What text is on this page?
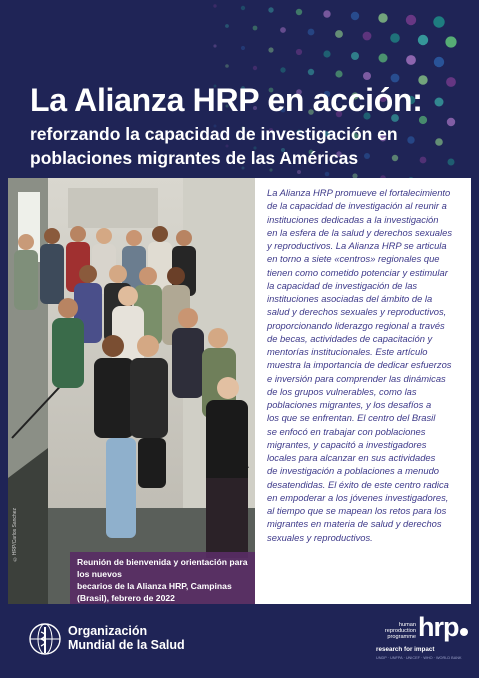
La Alianza HRP en acción:
reforzando la capacidad de investigación en
poblaciones migrantes de las Américas
©HRP/Carlos Sanchez
Reunión de bienvenida y orientación para los nuevos
becarios de la Alianza HRP, Campinas (Brasil), febrero de 2022

La Alianza HRP promueve el fortalecimiento
de la capacidad de investigación al reunir a
instituciones dedicadas a la investigación
en la esfera de la salud y derechos sexuales
y reproductivos. La Alianza HRP se articula
en torno a siete «centros» regionales que
tienen como cometido potenciar y estimular
la capacidad de investigación de las
instituciones asociadas del ámbito de la
salud y derechos sexuales y reproductivos,
proporcionando liderazgo regional a través
de becas, actividades de capacitación y
mentorías institucionales. Este artículo
muestra la importancia de dedicar esfuerzos
e inversión para comprender las dinámicas
de los grupos vulnerables, como las
poblaciones migrantes, y los desafíos a
los que se enfrentan. El centro del Brasil
se enfocó en trabajar con poblaciones
migrantes, y capacitó a investigadores
locales para alcanzar en sus actividades
de investigación a poblaciones a menudo
desatendidas. El éxito de este centro radica
en empoderar a los jóvenes investigadores,
al tiempo que se mapean los retos para los
migrantes en materia de salud y derechos
sexuales y reproductivos.

Organización
Mundial de la Salud
human
reproduction
programme hrp
research for impact
UNDP · UNFPA · UNICEF · WHO · WORLD BANK
